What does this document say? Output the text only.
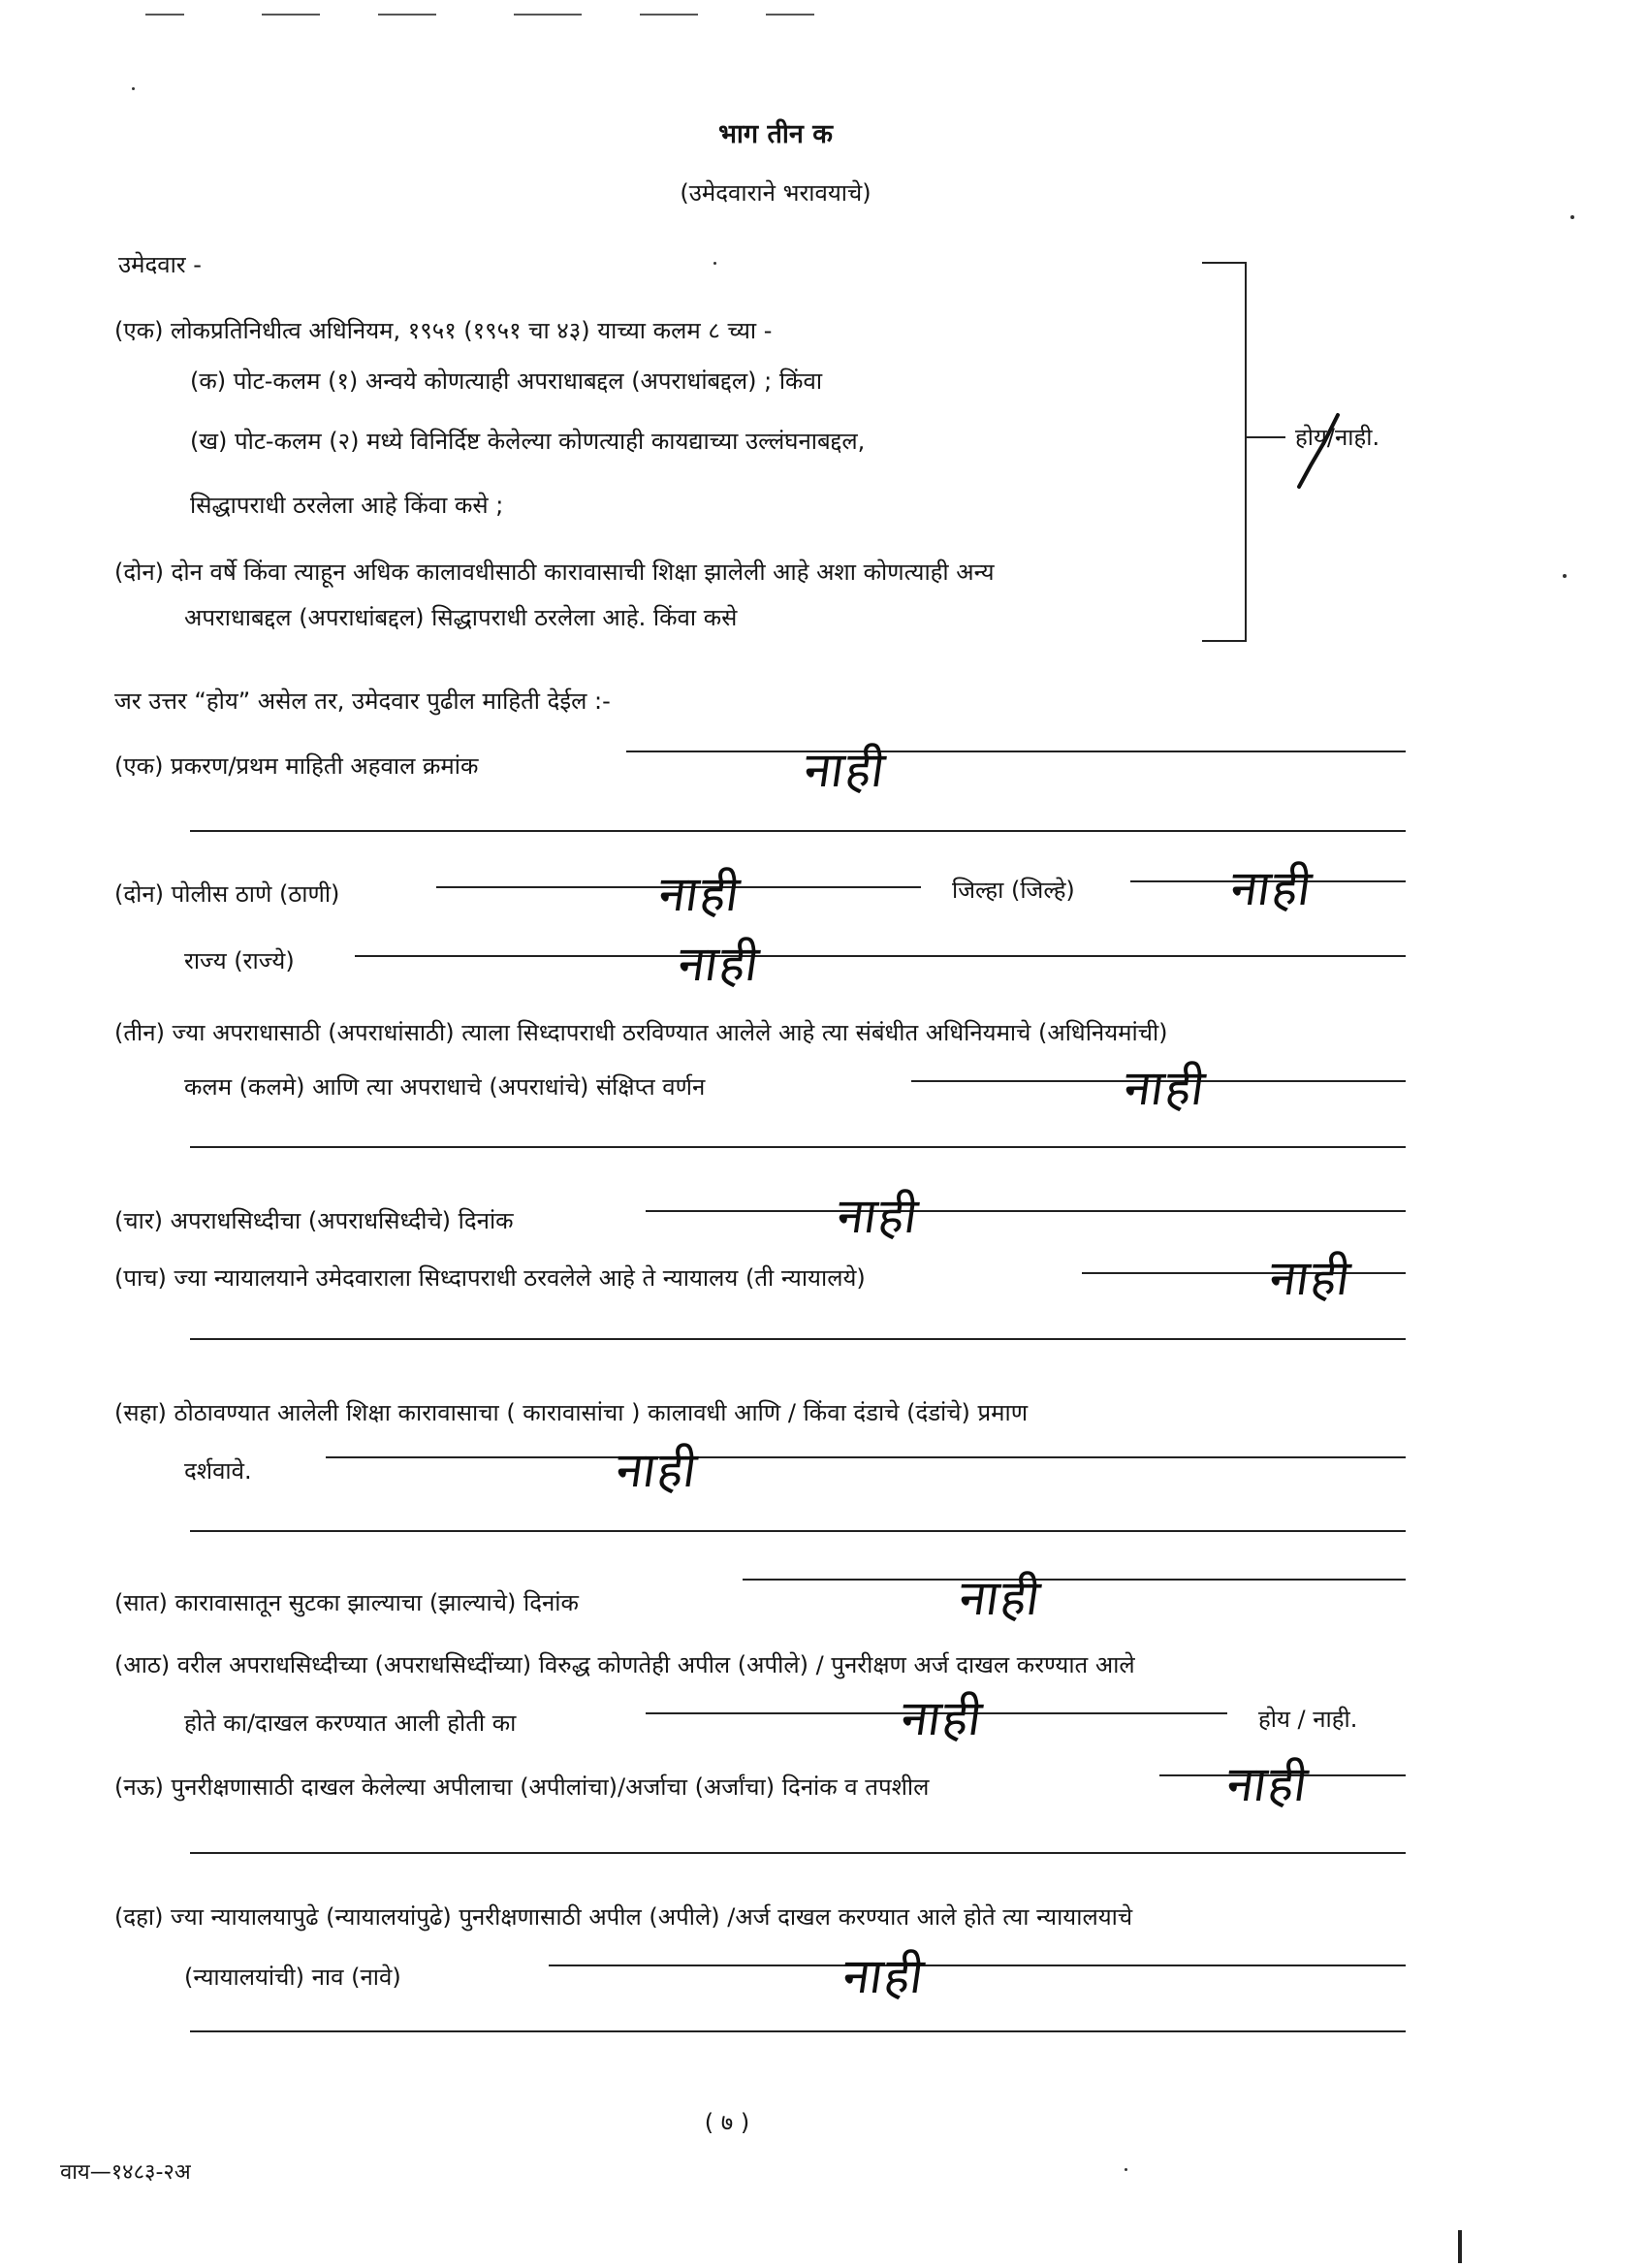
भाग तीन क
(उमेदवाराने भरावयाचे)
उमेदवार -
(एक) लोकप्रतिनिधीत्व अधिनियम, १९५१ (१९५१ चा ४३) याच्या कलम ८ च्या -
(क) पोट-कलम (१) अन्वये कोणत्याही अपराधाबद्दल (अपराधांबद्दल) ; किंवा
(ख) पोट-कलम (२) मध्ये विनिर्दिष्ट केलेल्या कोणत्याही कायद्याच्या उल्लंघनाबद्दल,
सिद्धापराधी ठरलेला आहे किंवा कसे ;
(दोन) दोन वर्षे किंवा त्याहून अधिक कालावधीसाठी कारावासाची शिक्षा झालेली आहे अशा कोणत्याही अन्य
अपराधाबद्दल (अपराधांबद्दल) सिद्धापराधी ठरलेला आहे. किंवा कसे
होय/नाही.
जर उत्तर “होय” असेल तर, उमेदवार पुढील माहिती देईल :-
(एक) प्रकरण/प्रथम माहिती अहवाल क्रमांक	नाही
(दोन) पोलीस ठाणे (ठाणी)	नाही	जिल्हा (जिल्हे)	नाही
राज्य (राज्ये)	नाही
(तीन) ज्या अपराधासाठी (अपराधांसाठी) त्याला सिध्दापराधी ठरविण्यात आलेले आहे त्या संबंधीत अधिनियमाचे (अधिनियमांची)
कलम (कलमे) आणि त्या अपराधाचे (अपराधांचे) संक्षिप्त वर्णन	नाही
(चार) अपराधसिध्दीचा (अपराधसिध्दीचे) दिनांक	नाही
(पाच) ज्या न्यायालयाने उमेदवाराला सिध्दापराधी ठरवलेले आहे ते न्यायालय (ती न्यायालये)	नाही
(सहा) ठोठावण्यात आलेली शिक्षा कारावासाचा ( कारावासांचा ) कालावधी आणि / किंवा दंडाचे (दंडांचे) प्रमाण
दर्शवावे.	नाही
(सात) कारावासातून सुटका झाल्याचा (झाल्याचे) दिनांक	नाही
(आठ) वरील अपराधसिध्दीच्या (अपराधसिध्दींच्या) विरुद्ध कोणतेही अपील (अपीले) / पुनरीक्षण अर्ज दाखल करण्यात आले
होते का/दाखल करण्यात आली होती का	नाही	होय / नाही.
(नऊ) पुनरीक्षणासाठी दाखल केलेल्या अपीलाचा (अपीलांचा)/अर्जाचा (अर्जांचा) दिनांक व तपशील	नाही
(दहा) ज्या न्यायालयापुढे (न्यायालयांपुढे) पुनरीक्षणासाठी अपील (अपीले) /अर्ज दाखल करण्यात आले होते त्या न्यायालयाचे
(न्यायालयांची) नाव (नावे)	नाही
( ७ )
वाय—१४८३-२अ
